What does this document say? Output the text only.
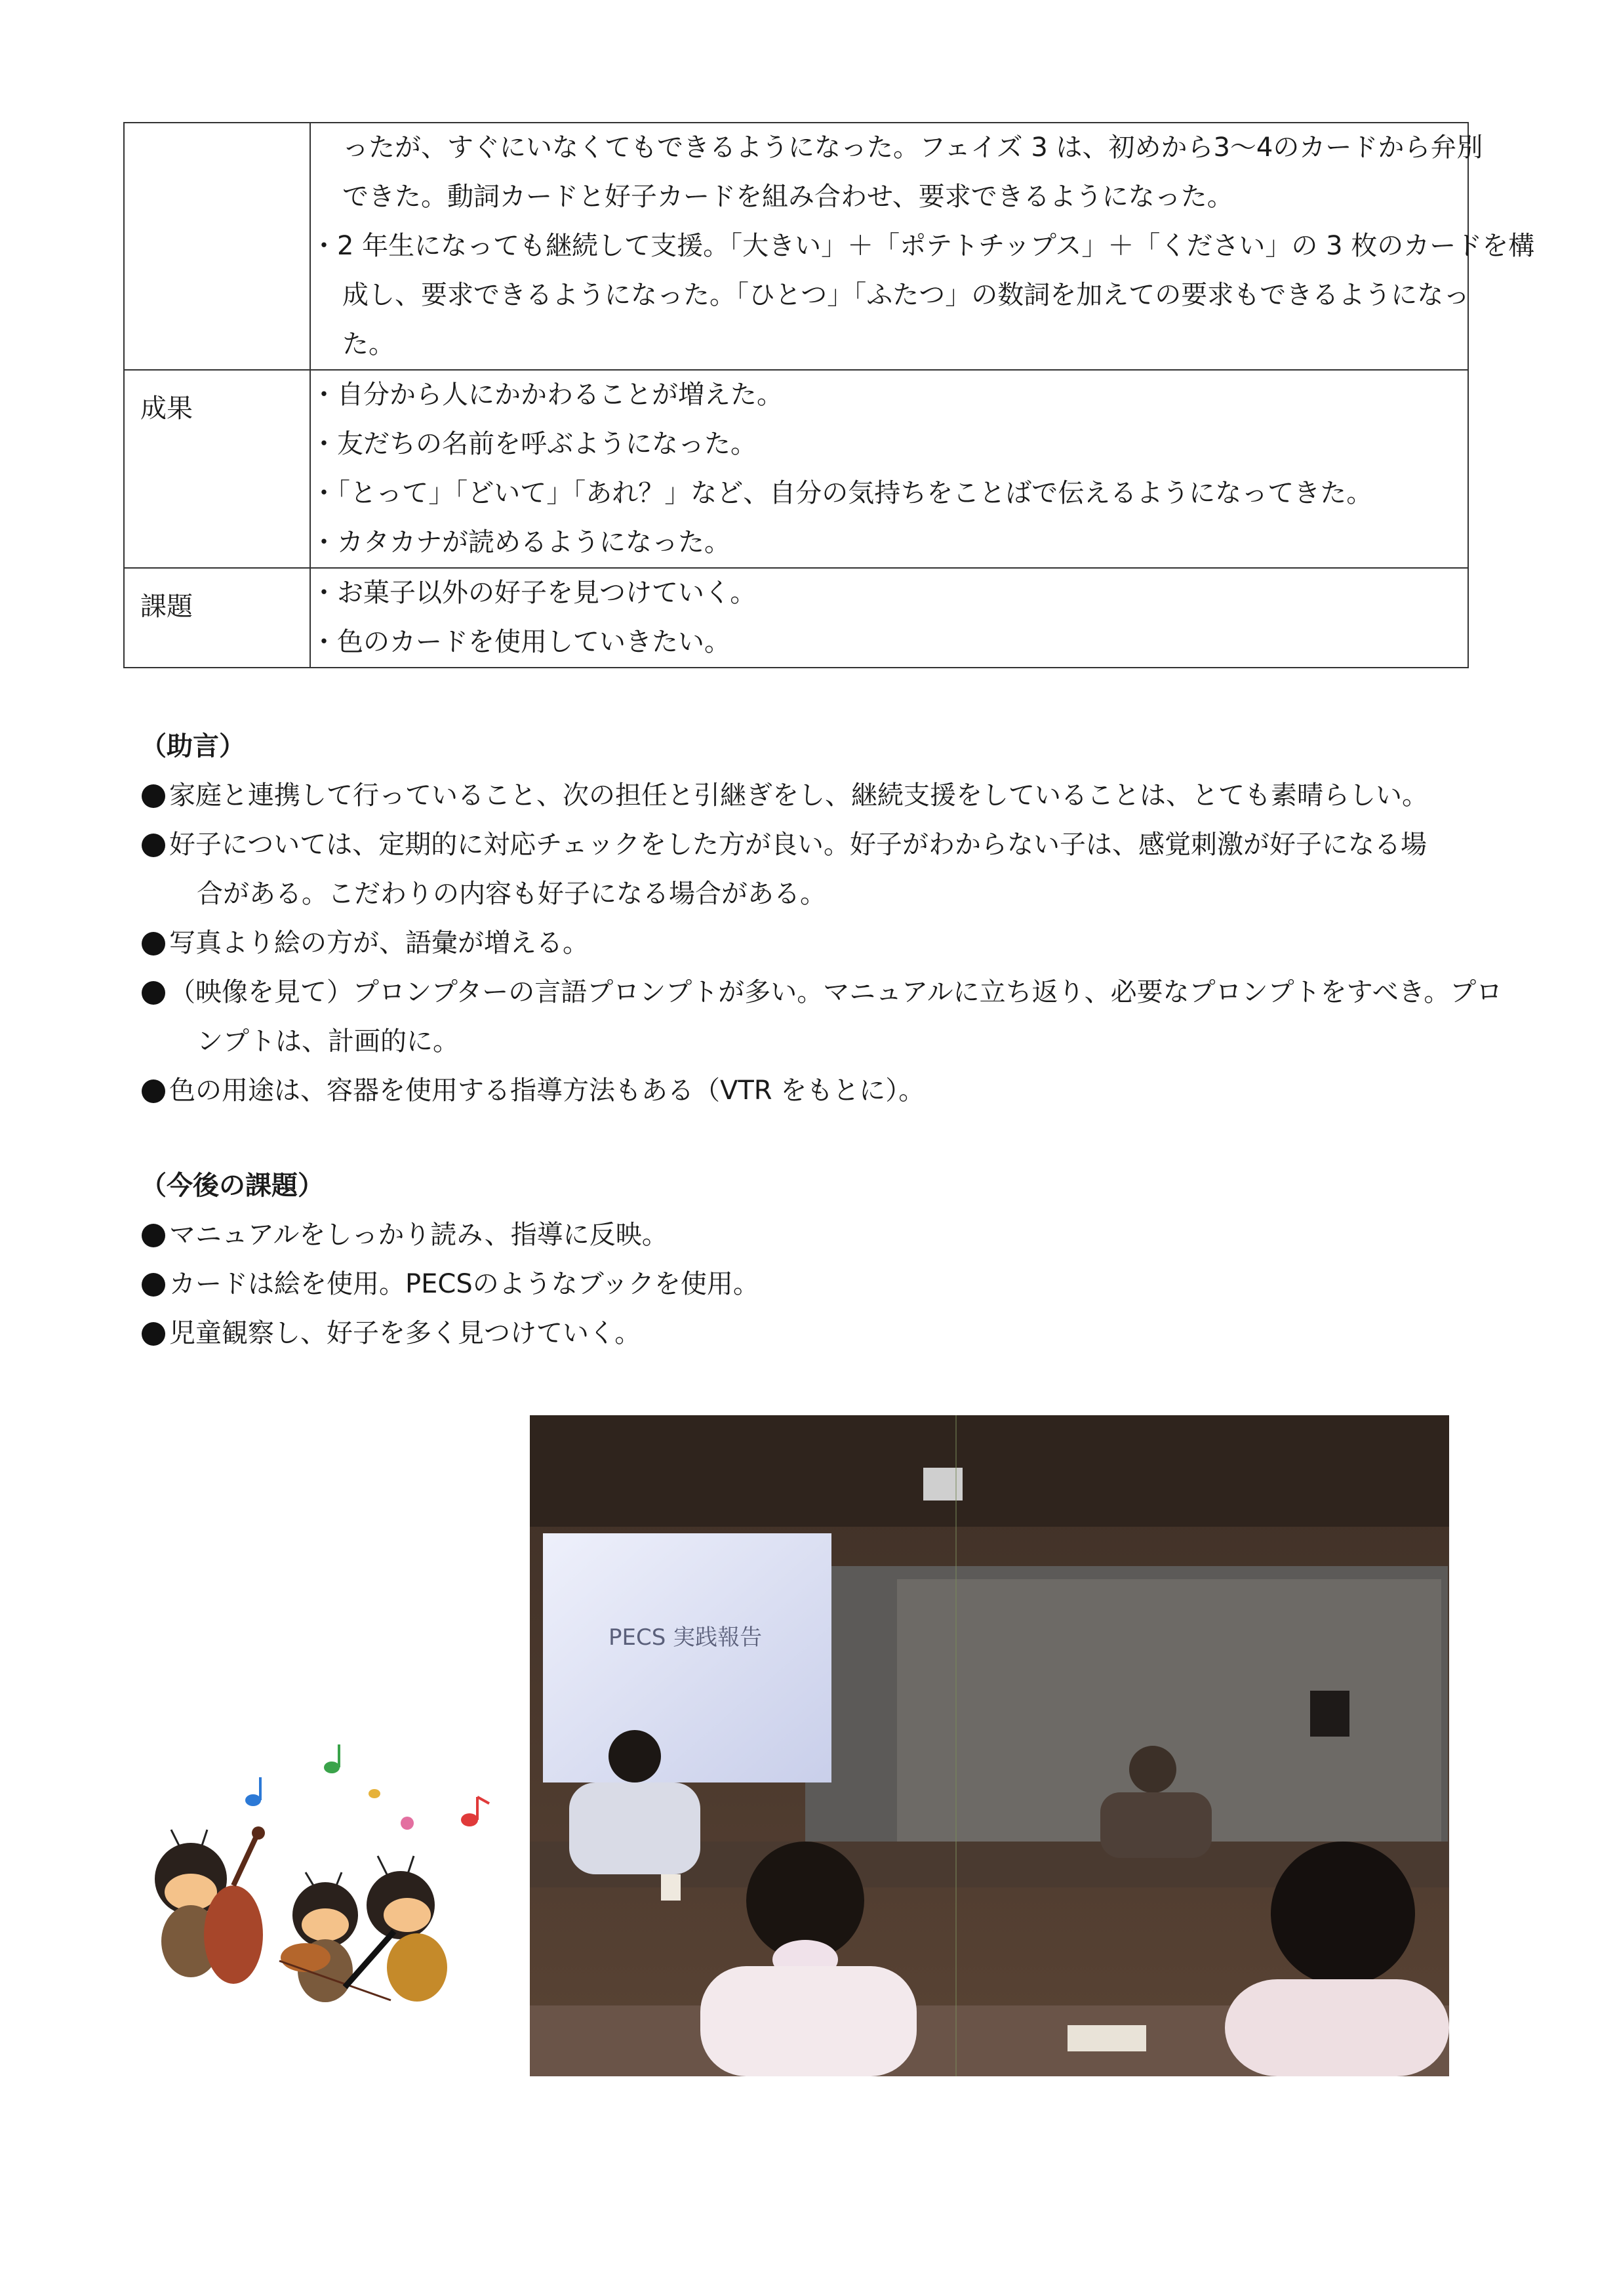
	ったが、すぐにいなくてもできるようになった。フェイズ 3 は、初めから3～4のカードから弁別
できた。動詞カードと好子カードを組み合わせ、要求できるようになった。
・2 年生になっても継続して支援。「大きい」＋「ポテトチップス」＋「ください」の 3 枚のカードを構
成し、要求できるようになった。「ひとつ」「ふたつ」の数詞を加えての要求もできるようになっ
た。

成果	・自分から人にかかわることが増えた。
・友だちの名前を呼ぶようになった。
・「とって」「どいて」「あれ？」など、自分の気持ちをことばで伝えるようになってきた。
・カタカナが読めるようになった。

課題	・お菓子以外の好子を見つけていく。
・色のカードを使用していきたい。
（助言）
家庭と連携して行っていること、次の担任と引継ぎをし、継続支援をしていることは、とても素晴らしい。
好子については、定期的に対応チェックをした方が良い。好子がわからない子は、感覚刺激が好子になる場
合がある。こだわりの内容も好子になる場合がある。
写真より絵の方が、語彙が増える。
（映像を見て）プロンプターの言語プロンプトが多い。マニュアルに立ち返り、必要なプロンプトをすべき。プロ
ンプトは、計画的に。
色の用途は、容器を使用する指導方法もある（VTR をもとに）。
（今後の課題）
マニュアルをしっかり読み、指導に反映。
カードは絵を使用。PECSのようなブックを使用。
児童観察し、好子を多く見つけていく。
PECS 実践報告
